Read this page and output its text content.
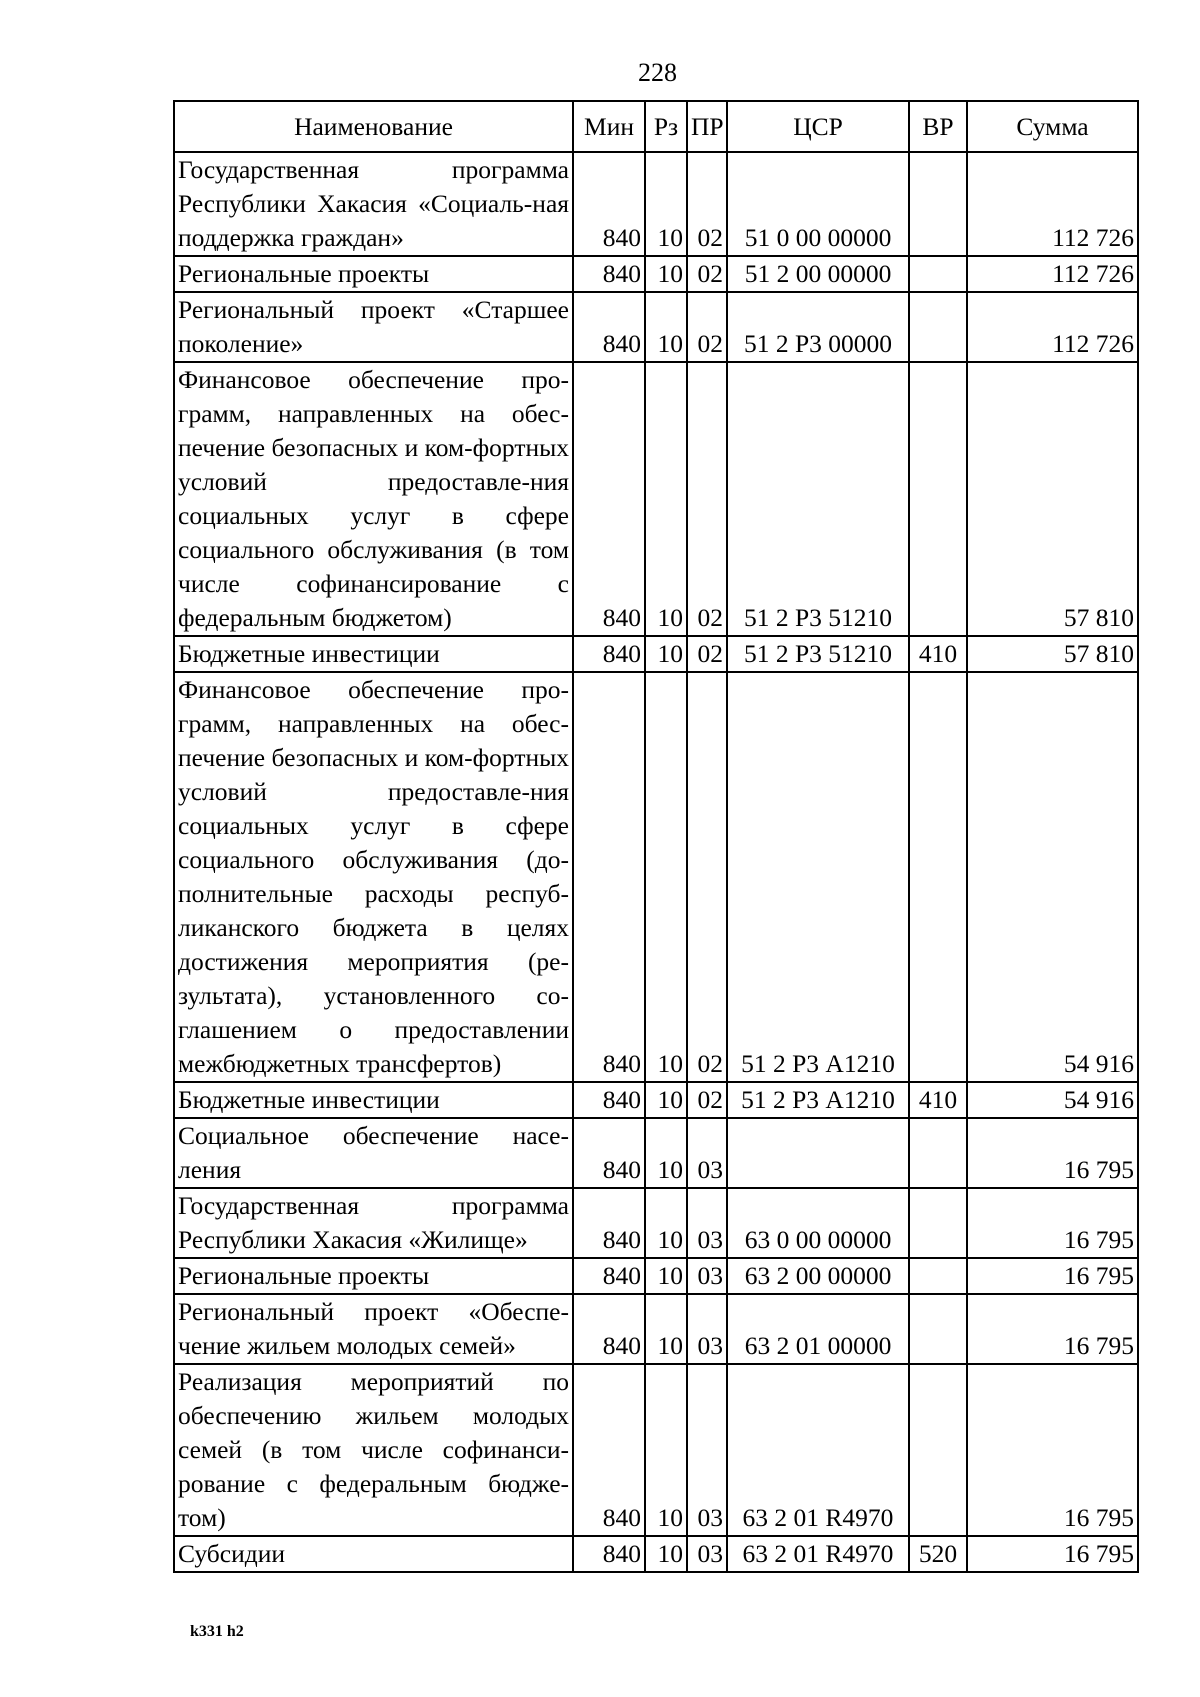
228
Наименование	Мин	Рз	ПР	ЦСР	ВР	Сумма
Государственная программа Республики Хакасия «Социаль-ная поддержка граждан»	840	10	02	51 0 00 00000		112 726
Региональные проекты	840	10	02	51 2 00 00000		112 726
Региональный проект «Старшее поколение»	840	10	02	51 2 Р3 00000		112 726
Финансовое обеспечение про-грамм, направленных на обес-печение безопасных и ком-фортных условий предоставле-ния социальных услуг в сфере социального обслуживания (в том числе софинансирование с федеральным бюджетом)	840	10	02	51 2 Р3 51210		57 810
Бюджетные инвестиции	840	10	02	51 2 Р3 51210	410	57 810
Финансовое обеспечение про-грамм, направленных на обес-печение безопасных и ком-фортных условий предоставле-ния социальных услуг в сфере социального обслуживания (до-полнительные расходы респуб-ликанского бюджета в целях достижения мероприятия (ре-зультата), установленного со-глашением о предоставлении межбюджетных трансфертов)	840	10	02	51 2 Р3 А1210		54 916
Бюджетные инвестиции	840	10	02	51 2 Р3 А1210	410	54 916
Социальное обеспечение насе-ления	840	10	03			16 795
Государственная программа Республики Хакасия «Жилище»	840	10	03	63 0 00 00000		16 795
Региональные проекты	840	10	03	63 2 00 00000		16 795
Региональный проект «Обеспе-чение жильем молодых семей»	840	10	03	63 2 01 00000		16 795
Реализация мероприятий по обеспечению жильем молодых семей (в том числе софинанси-рование с федеральным бюдже-том)	840	10	03	63 2 01 R4970		16 795
Субсидии	840	10	03	63 2 01 R4970	520	16 795
k331 h2
